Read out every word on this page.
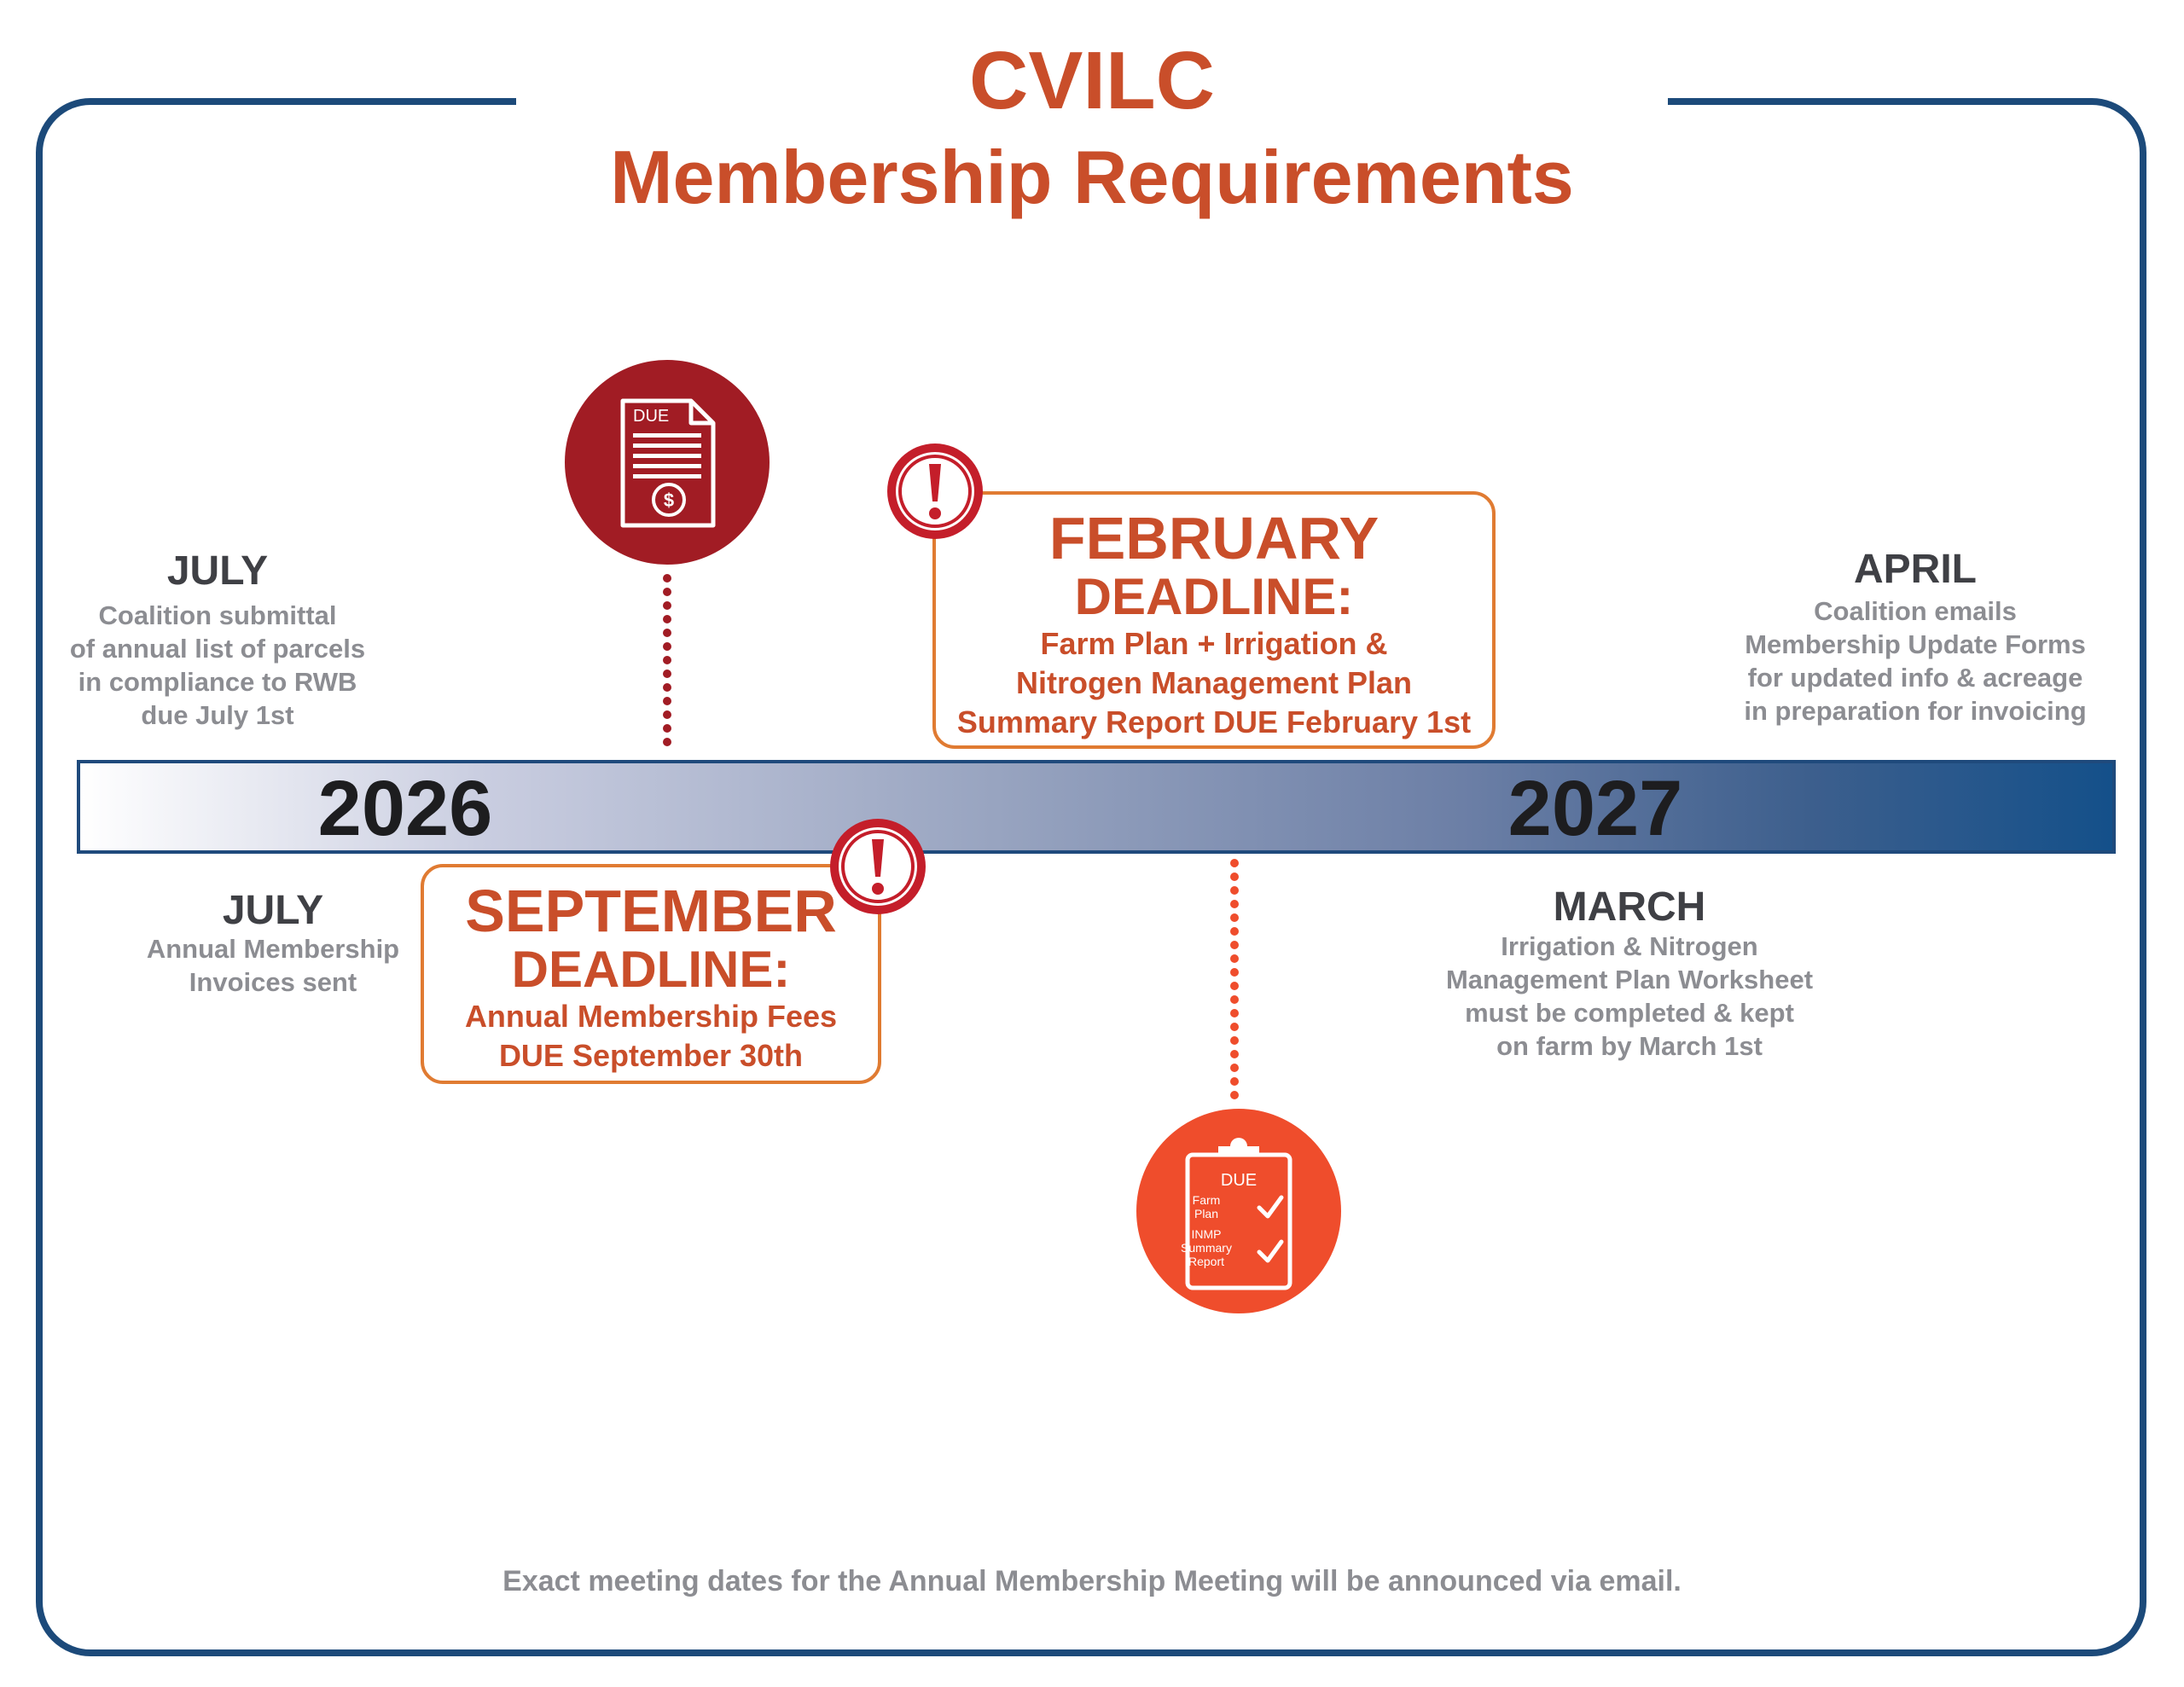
CVILC
Membership Requirements
DUE
$
JULY
Coalition submittal
of annual list of parcels
in compliance to RWB
due July 1st
FEBRUARY
DEADLINE:
Farm Plan + Irrigation &
Nitrogen Management Plan
Summary Report DUE February 1st
APRIL
Coalition emails
Membership Update Forms
for updated info & acreage
in preparation for invoicing
2026	2027
JULY
Annual Membership
Invoices sent
SEPTEMBER
DEADLINE:
Annual Membership Fees
DUE September 30th
DUE
Farm
Plan
INMP
Summary
Report
MARCH
Irrigation & Nitrogen
Management Plan Worksheet
must be completed & kept
on farm by March 1st
Exact meeting dates for the Annual Membership Meeting will be announced via email.
